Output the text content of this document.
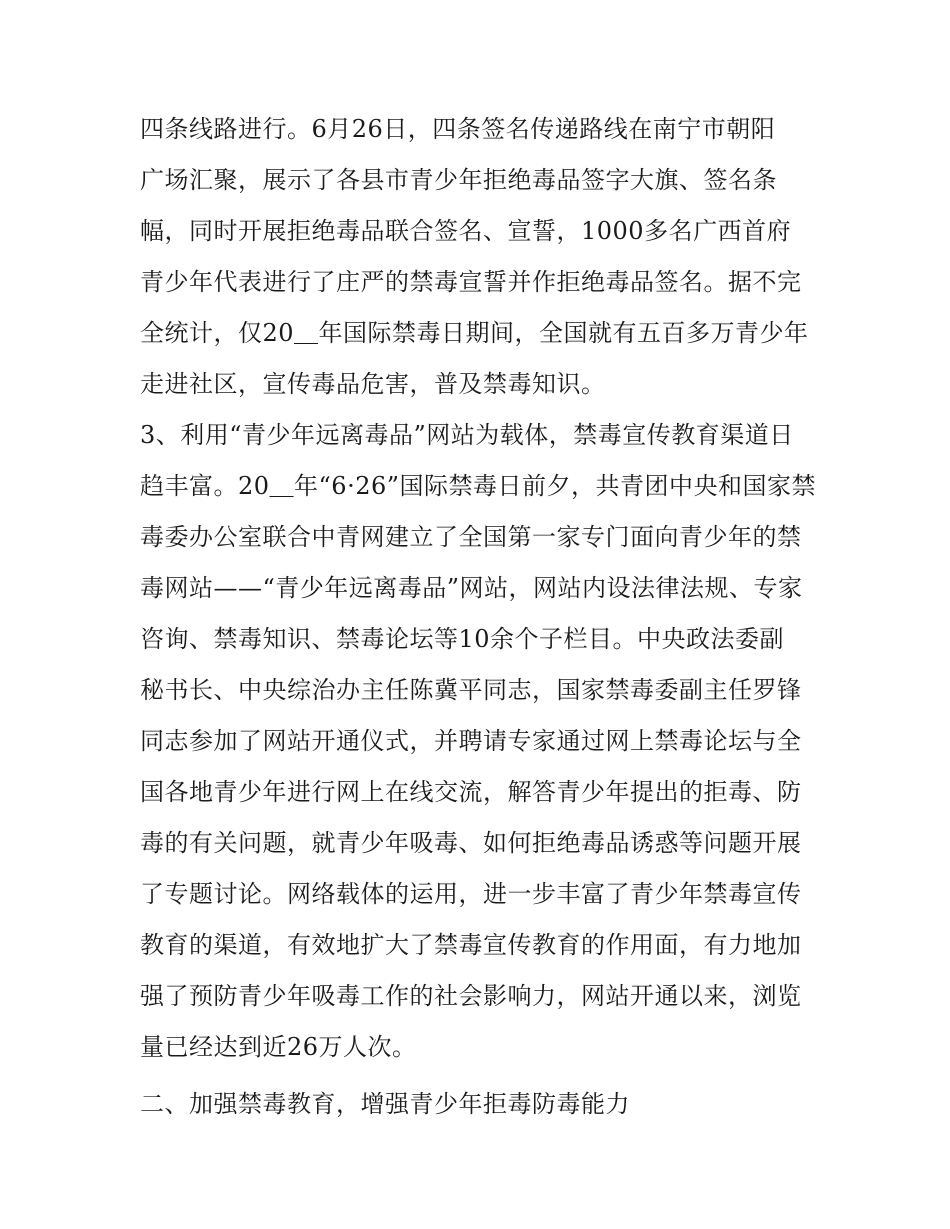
四条线路进行。6月26日，四条签名传递路线在南宁市朝阳
广场汇聚，展示了各县市青少年拒绝毒品签字大旗、签名条
幅，同时开展拒绝毒品联合签名、宣誓，1000多名广西首府
青少年代表进行了庄严的禁毒宣誓并作拒绝毒品签名。据不完
全统计，仅20＿年国际禁毒日期间，全国就有五百多万青少年
走进社区，宣传毒品危害，普及禁毒知识。
3、利用“青少年远离毒品”网站为载体，禁毒宣传教育渠道日
趋丰富。20＿年“6·26”国际禁毒日前夕，共青团中央和国家禁
毒委办公室联合中青网建立了全国第一家专门面向青少年的禁
毒网站——“青少年远离毒品”网站，网站内设法律法规、专家
咨询、禁毒知识、禁毒论坛等10余个子栏目。中央政法委副
秘书长、中央综治办主任陈冀平同志，国家禁毒委副主任罗锋
同志参加了网站开通仪式，并聘请专家通过网上禁毒论坛与全
国各地青少年进行网上在线交流，解答青少年提出的拒毒、防
毒的有关问题，就青少年吸毒、如何拒绝毒品诱惑等问题开展
了专题讨论。网络载体的运用，进一步丰富了青少年禁毒宣传
教育的渠道，有效地扩大了禁毒宣传教育的作用面，有力地加
强了预防青少年吸毒工作的社会影响力，网站开通以来，浏览
量已经达到近26万人次。
二、加强禁毒教育，增强青少年拒毒防毒能力
